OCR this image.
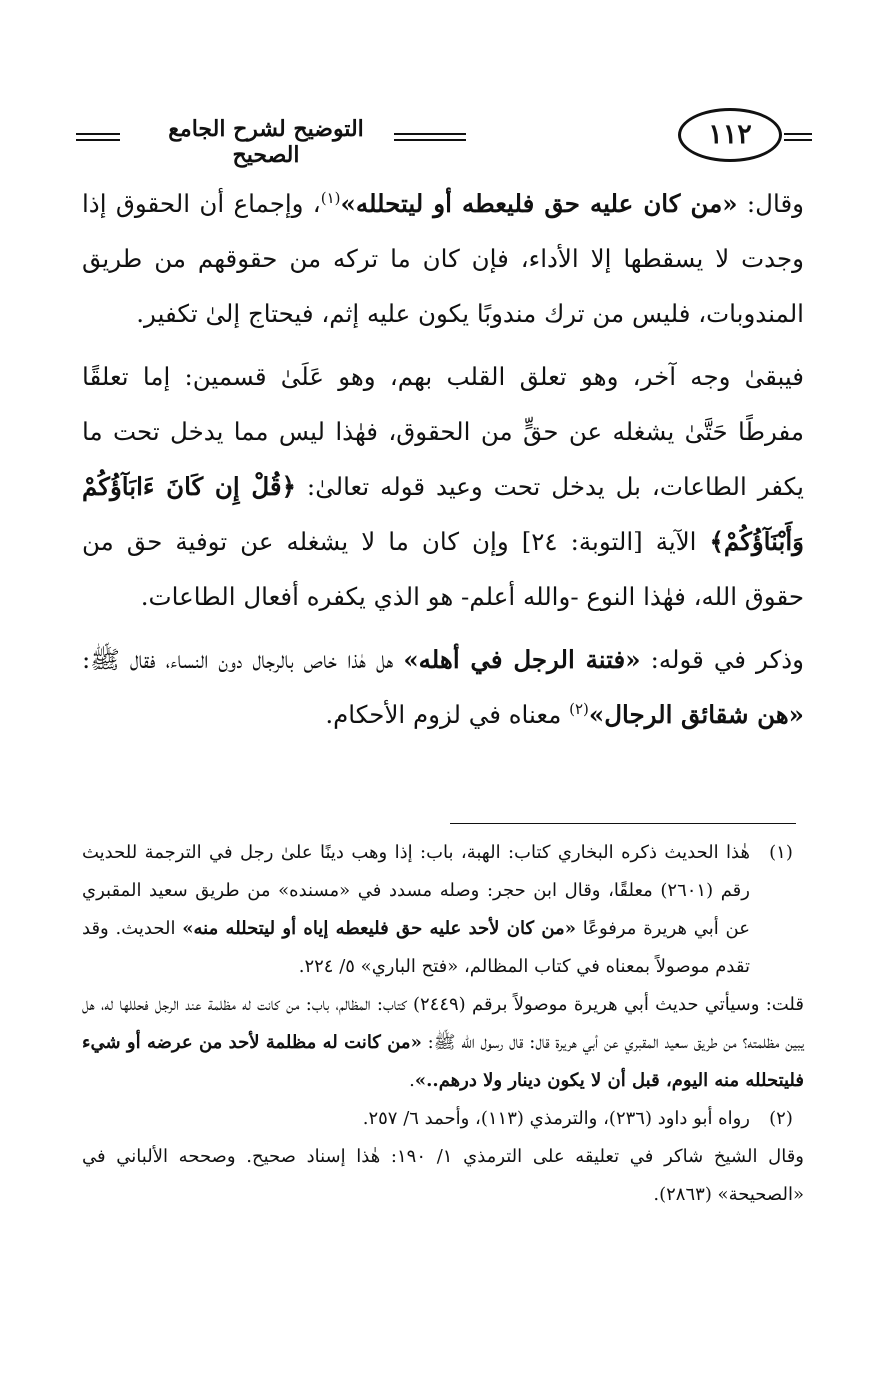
التوضيح لشرح الجامع الصحيح
١١٢

وقال: «من كان عليه حق فليعطه أو ليتحلله»$^{(١)}$، وإجماع أن الحقوق إذا وجدت لا يسقطها إلا الأداء، فإن كان ما تركه من حقوقهم من طريق المندوبات، فليس من ترك مندوبًا يكون عليه إثم، فيحتاج إلىٰ تكفير.

فيبقىٰ وجه آخر، وهو تعلق القلب بهم، وهو عَلَىٰ قسمين: إما تعلقًا مفرطًا حَتَّىٰ يشغله عن حقٍّ من الحقوق، فهٰذا ليس مما يدخل تحت ما يكفر الطاعات، بل يدخل تحت وعيد قوله تعالىٰ: ﴿قُلْ إِن كَانَ ءَابَآؤُكُمْ وَأَبْنَآؤُكُمْ﴾ الآية [التوبة: ٢٤] وإن كان ما لا يشغله عن توفية حق من حقوق الله، فهٰذا النوع -والله أعلم- هو الذي يكفره أفعال الطاعات.

وذكر في قوله: «فتنة الرجل في أهله» هل هٰذا خاص بالرجال دون النساء، فقال ﷺ: «هن شقائق الرجال»$^{(٢)}$ معناه في لزوم الأحكام.

(١)
هٰذا الحديث ذكره البخاري كتاب: الهبة، باب: إذا وهب دينًا علىٰ رجل في الترجمة للحديث رقم (٢٦٠١) معلقًا، وقال ابن حجر: وصله مسدد في «مسنده» من طريق سعيد المقبري عن أبي هريرة مرفوعًا «من كان لأحد عليه حق فليعطه إياه أو ليتحلله منه» الحديث. وقد تقدم موصولاً بمعناه في كتاب المظالم، «فتح الباري» ٥/ ٢٢٤.

قلت: وسيأتي حديث أبي هريرة موصولاً برقم (٢٤٤٩) كتاب: المظالم، باب: من كانت له مظلمة عند الرجل فحللها له، هل يبين مظلمته؟ من طريق سعيد المقبري عن أبي هريرة قال: قال رسول الله ﷺ: «من كانت له مظلمة لأحد من عرضه أو شيء فليتحلله منه اليوم، قبل أن لا يكون دينار ولا درهم..».

(٢)
رواه أبو داود (٢٣٦)، والترمذي (١١٣)، وأحمد ٦/ ٢٥٧.

وقال الشيخ شاكر في تعليقه على الترمذي ١/ ١٩٠: هٰذا إسناد صحيح. وصححه الألباني في «الصحيحة» (٢٨٦٣).
